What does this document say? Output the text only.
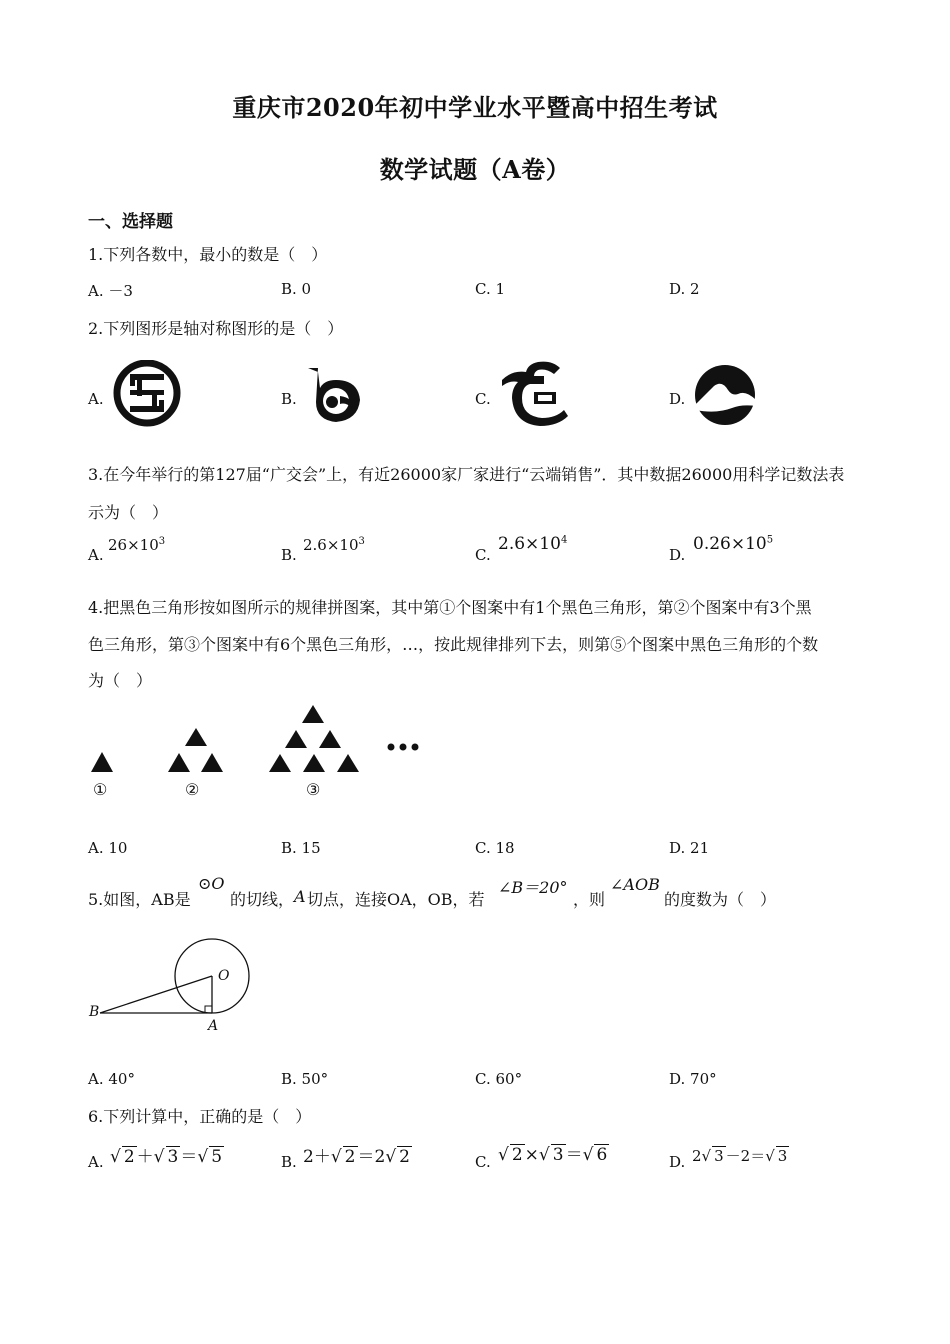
重庆市2020年初中学业水平暨高中招生考试
数学试题（A卷）
一、选择题
1.下列各数中，最小的数是（　）
A. －3	B. 0	C. 1	D. 2
2.下列图形是轴对称图形的是（　）
A.	B.	C.	D.
3.在今年举行的第127届“广交会”上，有近26000家厂家进行“云端销售”．其中数据26000用科学记数法表
示为（　）
A.
$26\times 10^3$
B.
$2.6\times 10^3$
C.
$2.6\times 10^4$
D.
$0.26\times 10^5$
4.把黑色三角形按如图所示的规律拼图案，其中第①个图案中有1个黑色三角形，第②个图案中有3个黑
色三角形，第③个图案中有6个黑色三角形，…，按此规律排列下去，则第⑤个图案中黑色三角形的个数
为（　）
①	②	③
A. 10	B. 15	C. 18	D. 21
5.如图，AB是
⊙O
的切线， A 切点，连接OA，OB，若
∠B＝20°
，则
∠AOB
的度数为（　）
B
O
A
A. 40°	B. 50°	C. 60°	D. 70°
6.下列计算中，正确的是（　）
A. √ 2 ＋√ 3 ＝√ 5	B. 2＋√ 2 ＝2√ 2	C. √ 2 ×√ 3 ＝√ 6	D. 2√ 3 －2＝√ 3
